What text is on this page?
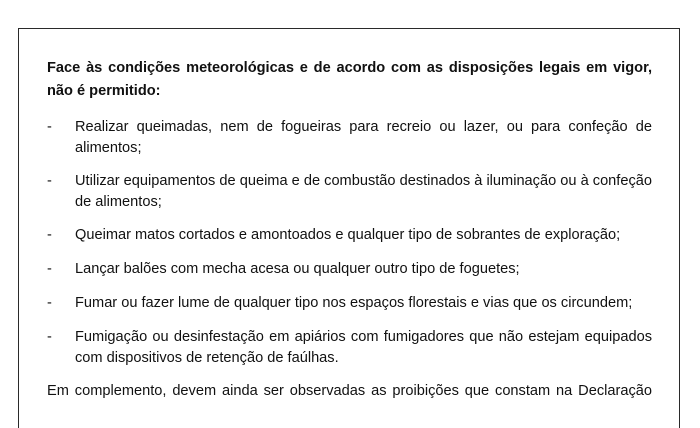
Face às condições meteorológicas e de acordo com as disposições legais em vigor, não é permitido:

-	Realizar queimadas, nem de fogueiras para recreio ou lazer, ou para confeção de alimentos;
-	Utilizar equipamentos de queima e de combustão destinados à iluminação ou à confeção de alimentos;
-	Queimar matos cortados e amontoados e qualquer tipo de sobrantes de exploração;
-	Lançar balões com mecha acesa ou qualquer outro tipo de foguetes;
-	Fumar ou fazer lume de qualquer tipo nos espaços florestais e vias que os circundem;
-	Fumigação ou desinfestação em apiários com fumigadores que não estejam equipados com dispositivos de retenção de faúlhas.
Em complemento, devem ainda ser observadas as proibições que constam na Declaração
